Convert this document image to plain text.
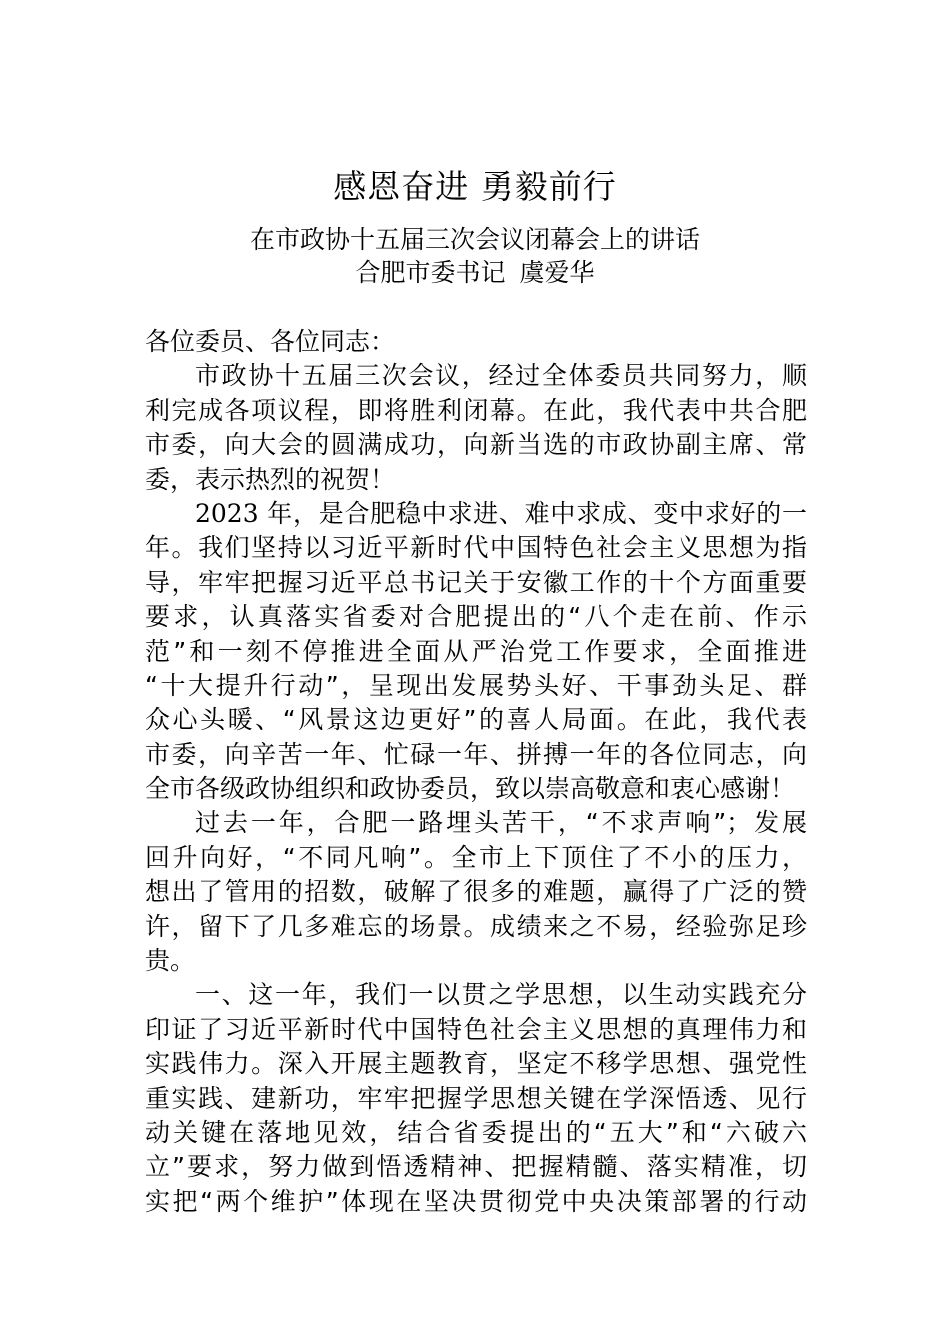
感恩奋进 勇毅前行
在市政协十五届三次会议闭幕会上的讲话
合肥市委书记 虞爱华
各位委员、各位同志：
市政协十五届三次会议，经过全体委员共同努力，顺
利完成各项议程，即将胜利闭幕。在此，我代表中共合肥
市委，向大会的圆满成功，向新当选的市政协副主席、常
委，表示热烈的祝贺！
2023 年，是合肥稳中求进、难中求成、变中求好的一
年。我们坚持以习近平新时代中国特色社会主义思想为指
导，牢牢把握习近平总书记关于安徽工作的十个方面重要
要求，认真落实省委对合肥提出的“八个走在前、作示
范”和一刻不停推进全面从严治党工作要求，全面推进
“十大提升行动”，呈现出发展势头好、干事劲头足、群
众心头暖、“风景这边更好”的喜人局面。在此，我代表
市委，向辛苦一年、忙碌一年、拼搏一年的各位同志，向
全市各级政协组织和政协委员，致以崇高敬意和衷心感谢！
过去一年，合肥一路埋头苦干，“不求声响”；发展
回升向好，“不同凡响”。全市上下顶住了不小的压力，
想出了管用的招数，破解了很多的难题，赢得了广泛的赞
许，留下了几多难忘的场景。成绩来之不易，经验弥足珍
贵。
一、这一年，我们一以贯之学思想，以生动实践充分
印证了习近平新时代中国特色社会主义思想的真理伟力和
实践伟力。深入开展主题教育，坚定不移学思想、强党性
重实践、建新功，牢牢把握学思想关键在学深悟透、见行
动关键在落地见效，结合省委提出的“五大”和“六破六
立”要求，努力做到悟透精神、把握精髓、落实精准，切
实把“两个维护”体现在坚决贯彻党中央决策部署的行动
